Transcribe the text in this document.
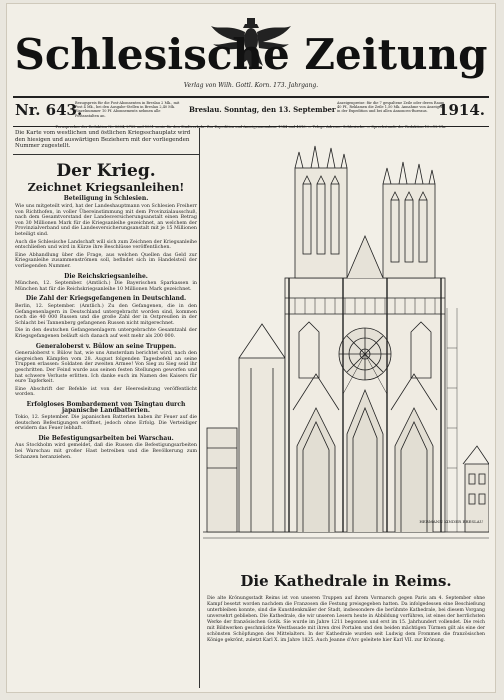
Schlesische Zeitung
Verlag von Wilh. Gottl. Korn. 173. Jahrgang.
Nr. 643.
Bezugspreis für die Post-Abonnenten in Breslau 2 Mk., mit Post 4 Mk., bei den Ausgabe-Stellen in Breslau 2,40 Mk. Einzelnummer 10 Pf. Abonnements nehmen alle Postanstalten an.
Breslau. Sonntag, den 13. September
Anzeigenpreise: für die 7 gespaltene Zeile oder deren Raum 40 Pf., Reklamen die Zeile 1,50 Mk. Annahme von Anzeigen in der Expedition und bei allen Annoncen-Bureaus. 1914.
Die Karte vom westlichen und östlichen Kriegsschauplatz wird den hiesigen und auswärtigen Beziehern mit der vorliegenden Nummer zugestellt.
Der Krieg.
Zeichnet Kriegsanleihen!
Beteiligung in Schlesien.

Wie uns mitgeteilt wird, hat der Landeshauptmann von Schlesien Freiherr von Richthofen, in voller Übereinstimmung mit dem Provinzialausschuß, nach dem Gesamtvorstand der Landesversicherungsanstalt einen Betrag von 30 Millionen Mark für die Kriegsanleihe gezeichnet, an welchem der Provinzialverband und die Landesversicherungsanstalt mit je 15 Millionen beteiligt sind.

Auch die Schlesische Landschaft will sich zum Zeichnen der Kriegsanleihe entschließen und wird in Kürze ihre Beschlüsse veröffentlichen.

Eine Abhandlung über die Frage, aus welchen Quellen das Geld zur Kriegsanleihe zusammenströmen soll, befindet sich im Handelsteil der vorliegenden Nummer.

Die Reichskriegsanleihe.

München, 12. September. (Amtlich.) Die Bayerischen Sparkassen in München hat für die Reichskriegsanleihe 10 Millionen Mark gezeichnet.

Die Zahl der Kriegsgefangenen in Deutschland.

Berlin, 12. September. (Amtlich.) Zu den Gefangenen, die in den Gefangenenlagern in Deutschland untergebracht worden sind, kommen noch die 40 000 Russen und die große Zahl der in Ostpreußen in der Schlacht bei Tannenberg gefangenen Russen nicht mitgerechnet.

Die in den deutschen Gefangenenlagern untergebrachte Gesamtzahl der Kriegsgefangenen beläuft sich danach auf weit mehr als 200 000.

Generaloberst v. Bülow an seine Truppen.

Generaloberst v. Bülow hat, wie uns Amsterdam berichtet wird, nach den siegreichen Kämpfen vom 28. August folgenden Tagesbefehl an seine Truppen erlassen: Soldaten der zweiten Armee! Von Sieg zu Sieg seid ihr geschritten. Der Feind wurde aus seinen festen Stellungen geworfen und hat schwere Verluste erlitten. Ich danke euch im Namen des Kaisers für eure Tapferkeit.

Eine Abschrift der Befehle ist von der Heeresleitung veröffentlicht worden.

Erfolgloses Bombardement von Tsingtau durch japanische Landbatterien.

Tokio, 12. September. Die japanischen Batterien haben ihr Feuer auf die deutschen Befestigungen eröffnet, jedoch ohne Erfolg. Die Verteidiger erwidern das Feuer lebhaft.

Die Befestigungsarbeiten bei Warschau.

Aus Stockholm wird gemeldet, daß die Russen die Befestigungsarbeiten bei Warschau mit großer Hast betreiben und die Bevölkerung zum Schanzen heranziehen.

HERMANN KINDER BRESLAU
Die Kathedrale in Reims.
Die alte Krönungsstadt Reims ist von unseren Truppen auf ihrem Vormarsch gegen Paris am 4. September ohne Kampf besetzt worden nachdem die Franzosen die Festung preisgegeben hatten. Da infolgedessen eine Beschießung unterbleiben konnte, sind die Kunstdenkmäler der Stadt, insbesondere die berühmte Kathedrale, bei diesem Vorgang unversehrt geblieben. Die Kathedrale, die wir unseren Lesern heute in Abbildung vorführen, ist eines der herrlichsten Werke der französischen Gotik. Sie wurde im Jahre 1211 begonnen und erst im 15. Jahrhundert vollendet. Die reich mit Bildwerken geschmückte Westfassade mit ihren drei Portalen und den beiden mächtigen Türmen gilt als eine der schönsten Schöpfungen des Mittelalters. In der Kathedrale wurden seit Ludwig dem Frommen die französischen Könige gekrönt, zuletzt Karl X. im Jahre 1825. Auch Jeanne d'Arc geleitete hier Karl VII. zur Krönung.
Fernsprecher der Redaktion Nr. 2604, 2722 und 5001 sowie für den Stadtverkehr. Zur Expedition und Anzeigenannahme 1944 und 4816. — Telegr.-Adresse: Schlesische. — Sprechstunde der Redaktion 10—12 Uhr.
